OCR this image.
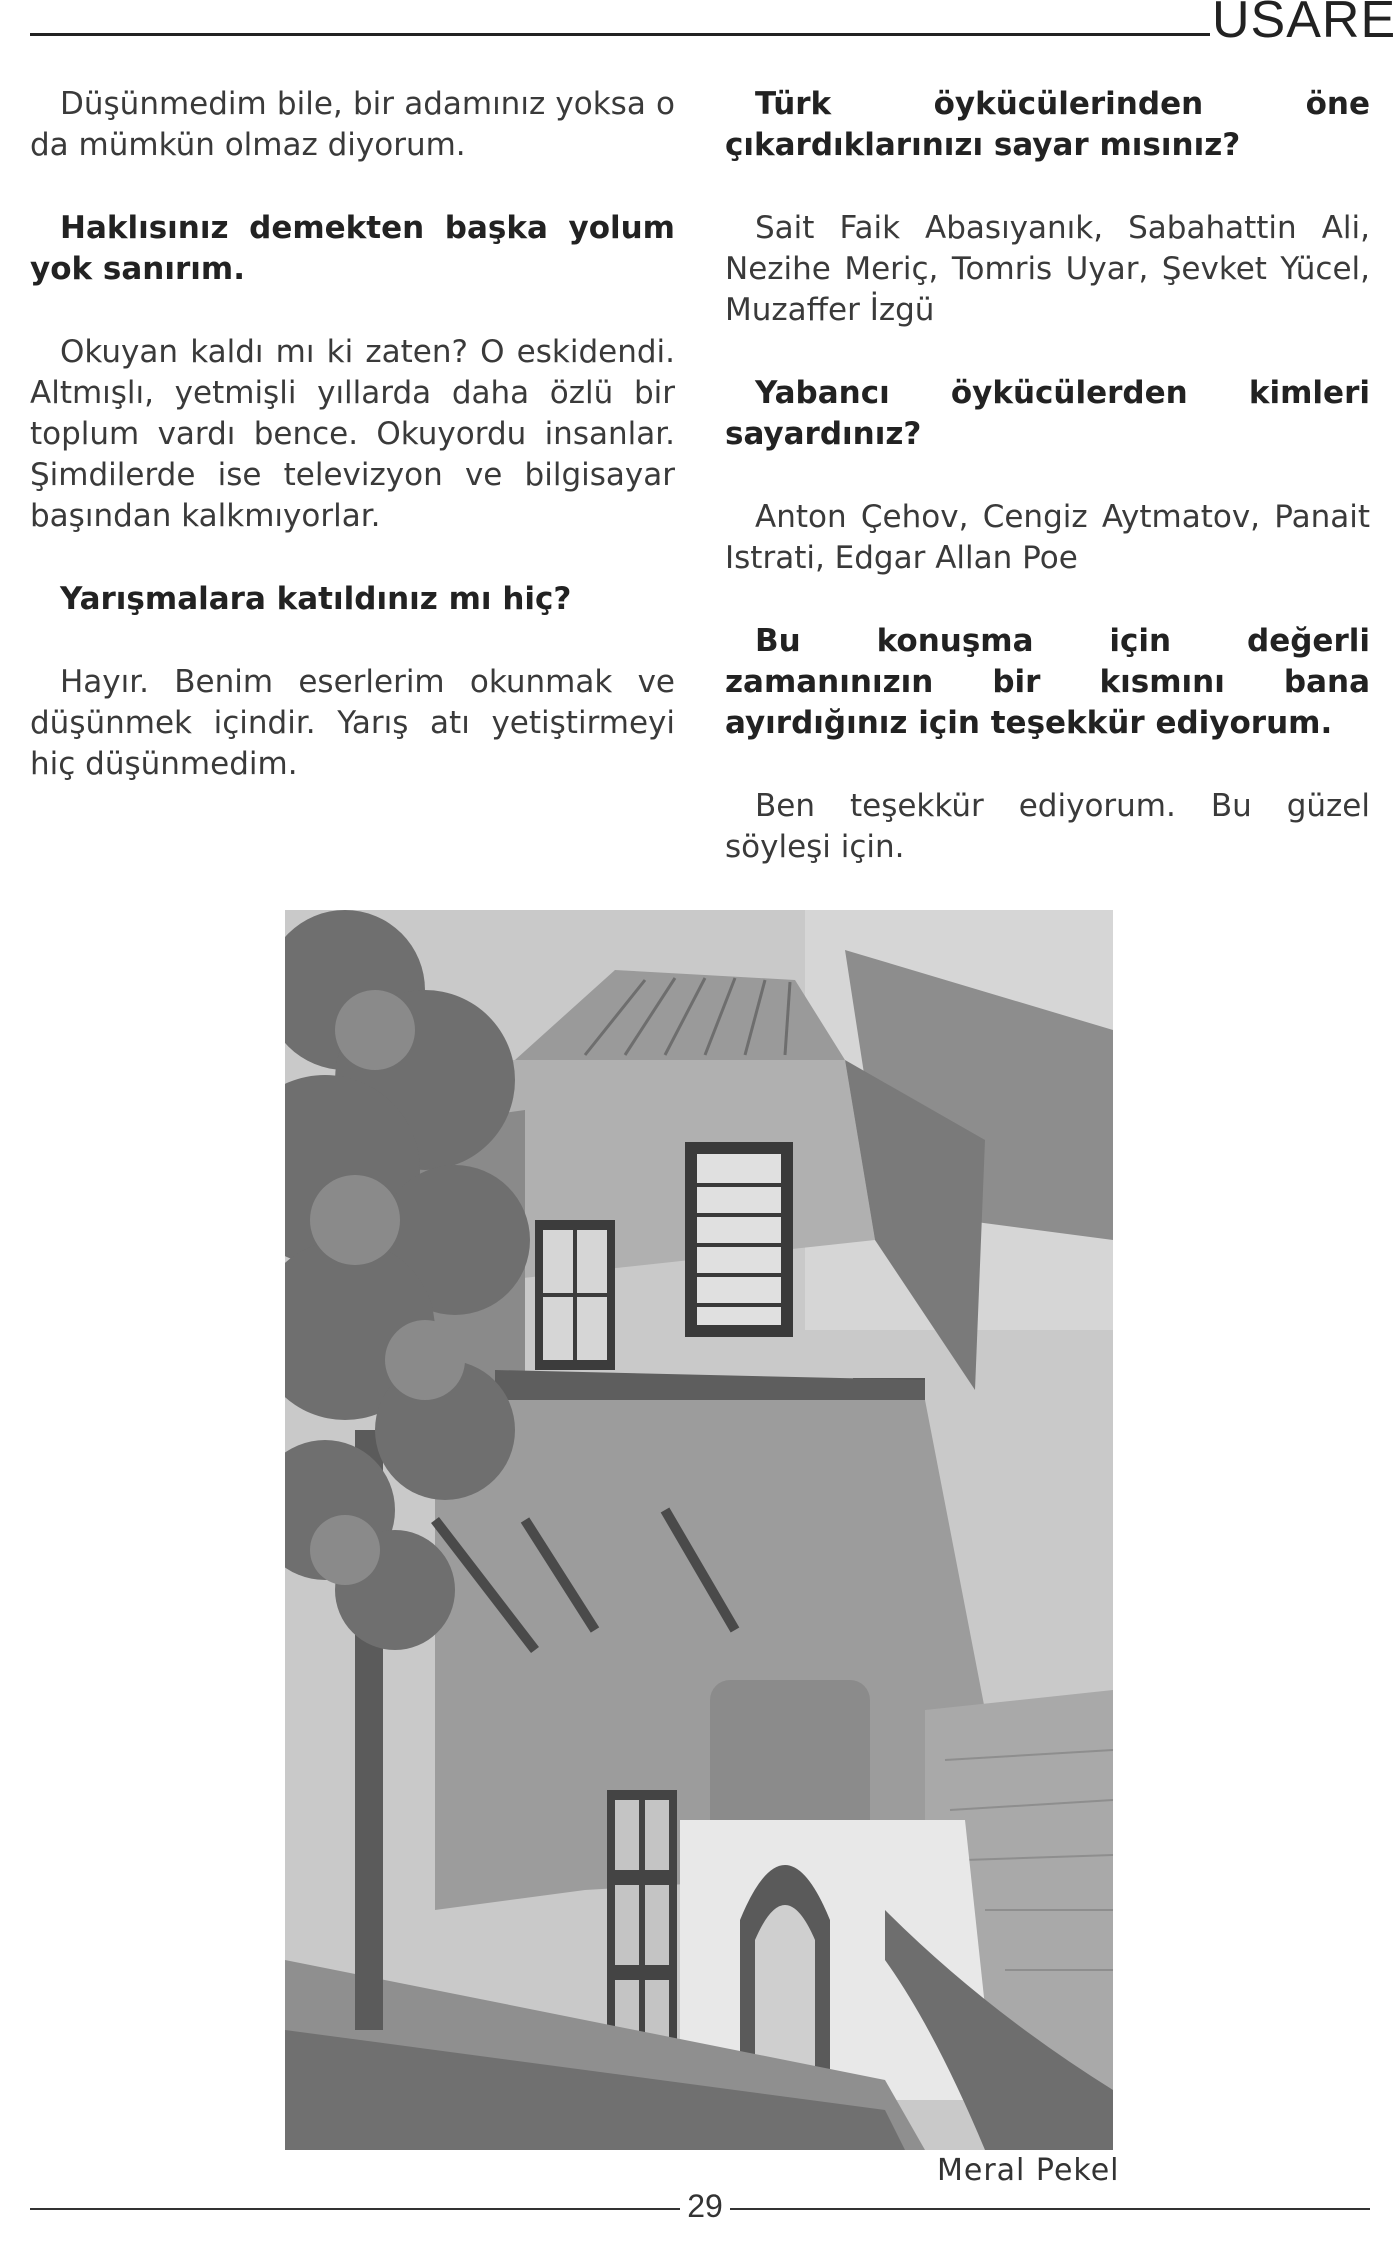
USARE

Düşünmedim bile, bir adamınız yoksa o da mümkün olmaz diyorum.

Haklısınız demekten başka yolum yok sanırım.

Okuyan kaldı mı ki zaten? O eskidendi. Altmışlı, yetmişli yıllarda daha özlü bir toplum vardı bence. Okuyordu insanlar. Şimdilerde ise televizyon ve bilgisayar başından kalkmıyorlar.

Yarışmalara katıldınız mı hiç?

Hayır. Benim eserlerim okunmak ve düşünmek içindir. Yarış atı yetiştirmeyi hiç düşünmedim.

Türk öykücülerinden öne çıkardıklarınızı sayar mısınız?

Sait Faik Abasıyanık, Sabahattin Ali, Nezihe Meriç, Tomris Uyar, Şevket Yücel, Muzaffer İzgü

Yabancı öykücülerden kimleri sayardınız?

Anton Çehov, Cengiz Aytmatov, Panait Istrati, Edgar Allan Poe

Bu konuşma için değerli zamanınızın bir kısmını bana ayırdığınız için teşekkür ediyorum.

Ben teşekkür ediyorum. Bu güzel söyleşi için.

Meral Pekel
29
